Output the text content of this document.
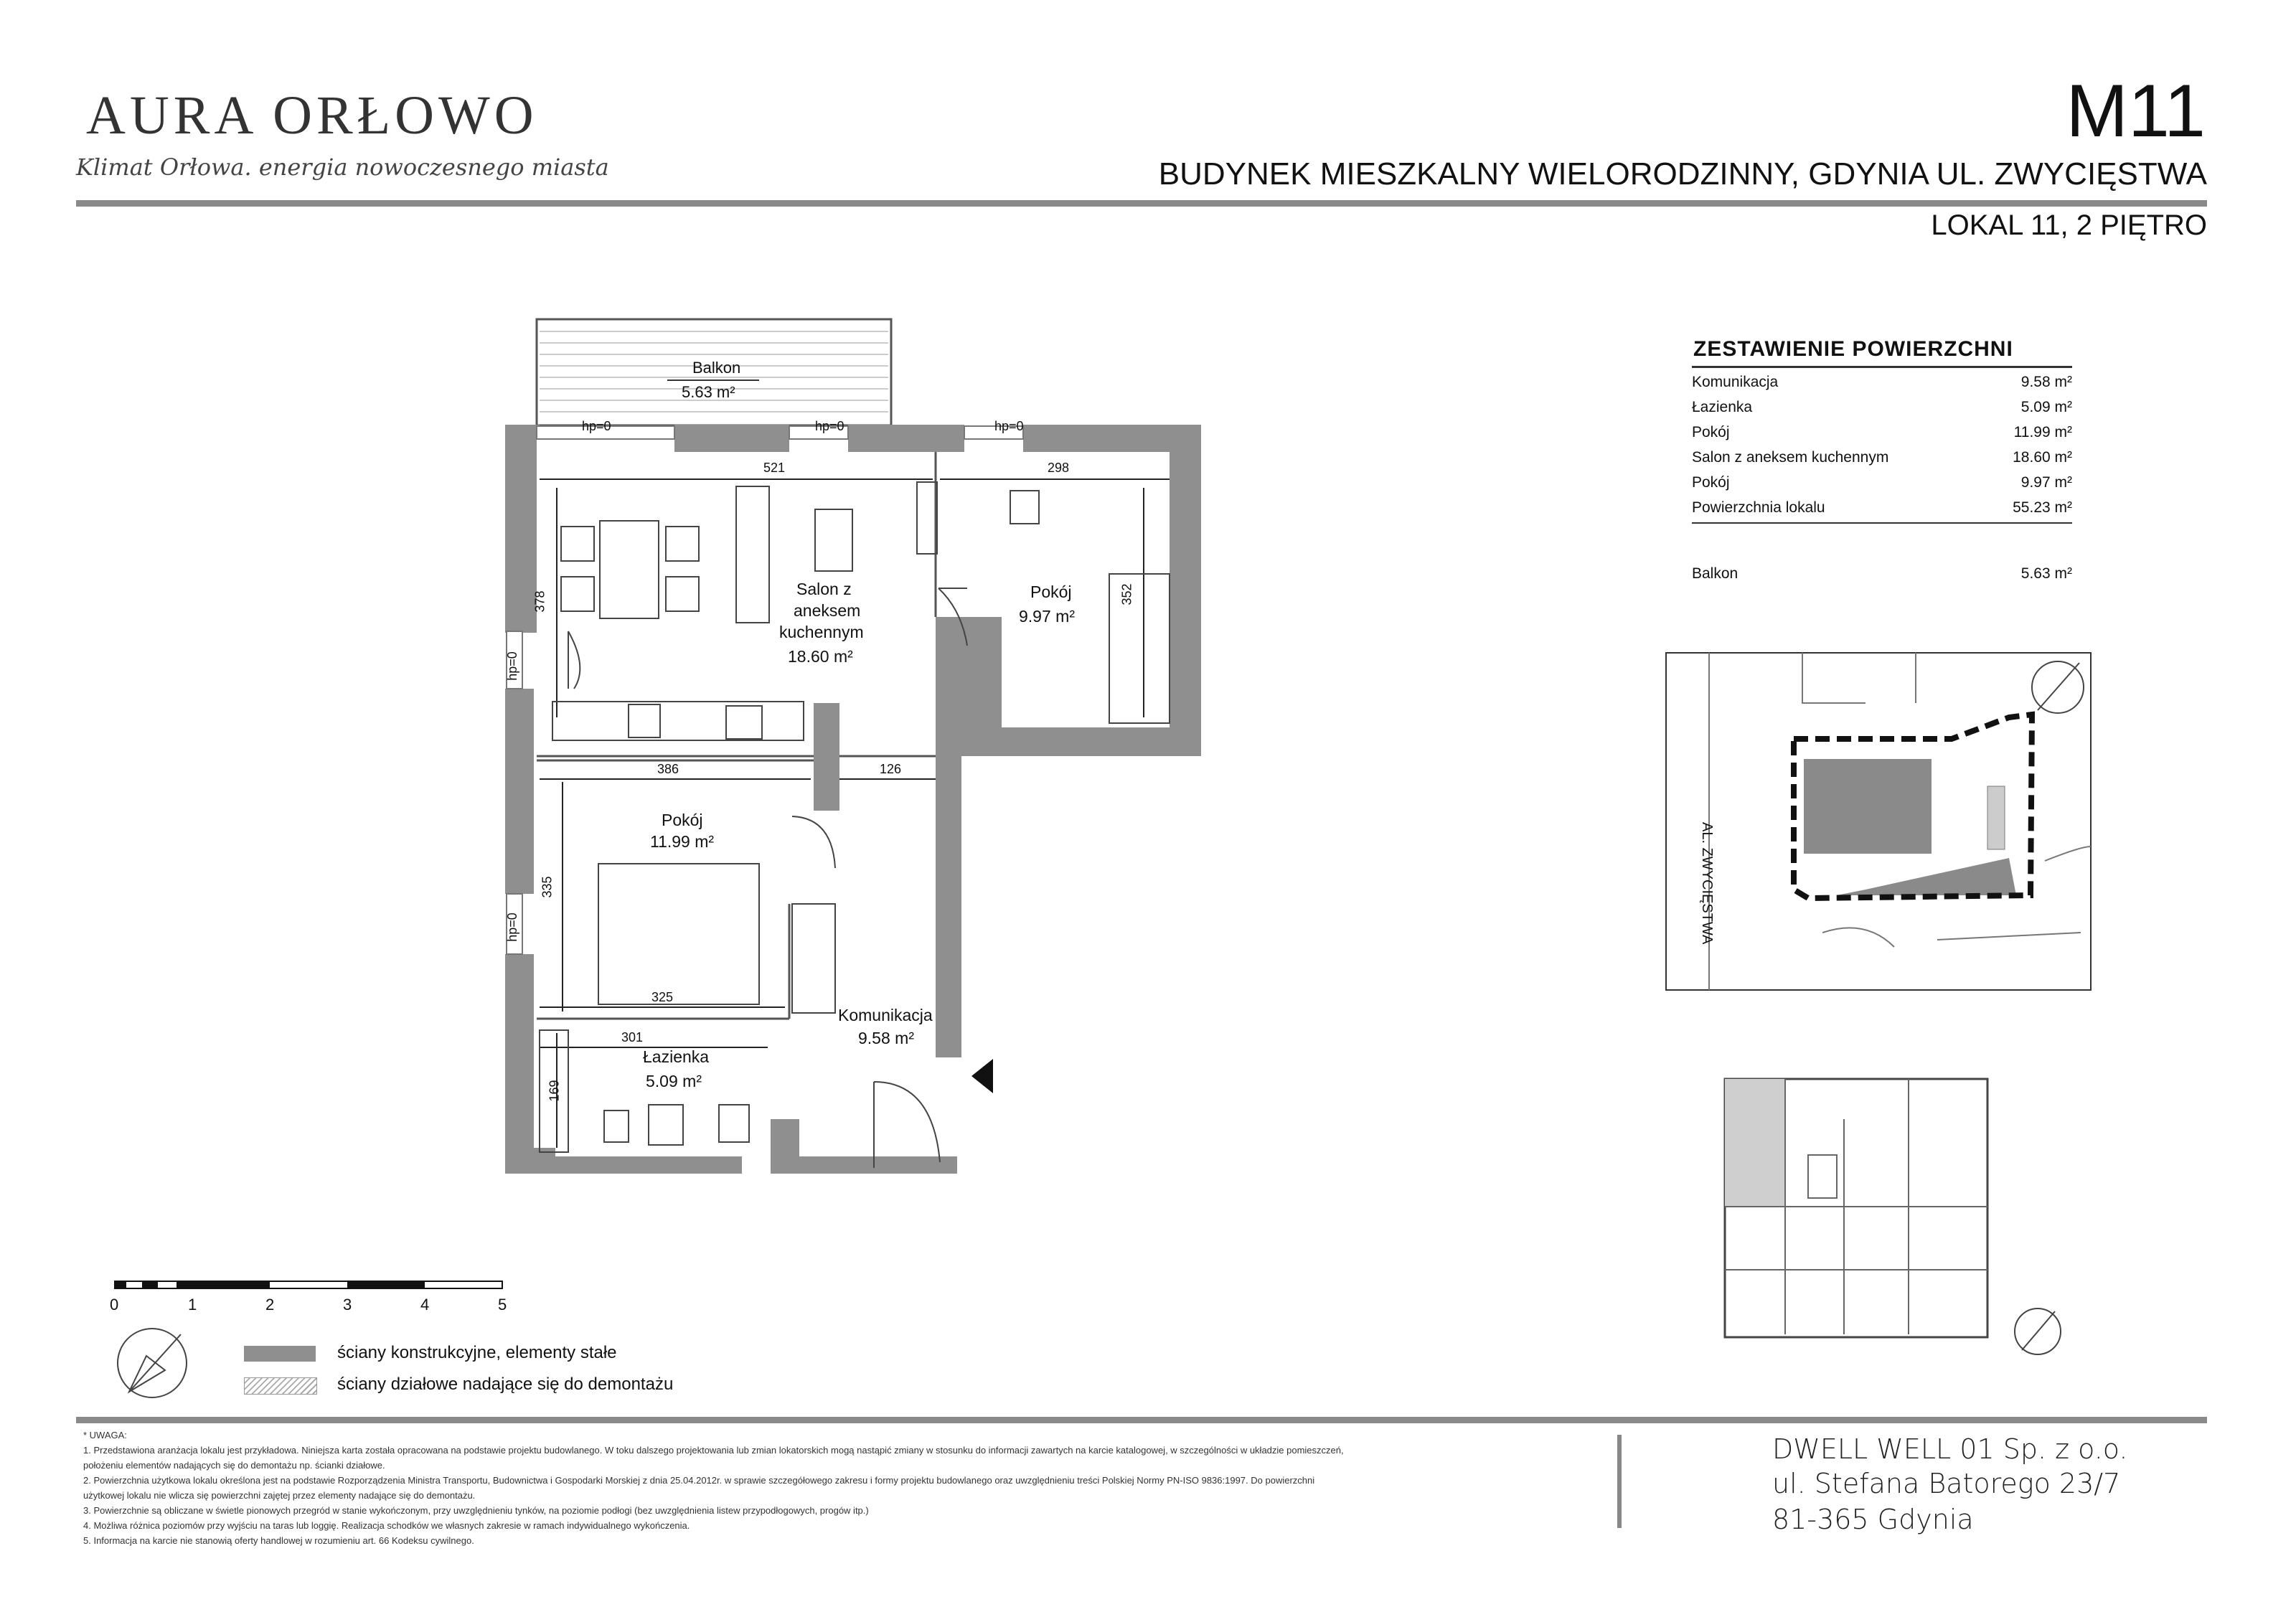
AURA ORŁOWO
Klimat Orłowa. energia nowoczesnego miasta
M11
BUDYNEK MIESZKALNY WIELORODZINNY, GDYNIA UL. ZWYCIĘSTWA
LOKAL 11, 2 PIĘTRO
Balkon
5.63 m²
hp=0	hp=0	hp=0
hp=0
hp=0
521	298
378	352
386	126
335
325
301
169
Salon z
aneksem
kuchennym
18.60 m²
Pokój
9.97 m²
Pokój
11.99 m²
Komunikacja
9.58 m²
Łazienka
5.09 m²
AL. ZWYCIĘSTWA
ZESTAWIENIE POWIERZCHNI
Komunikacja	9.58 m²
Łazienka	5.09 m²
Pokój	11.99 m²
Salon z aneksem kuchennym	18.60 m²
Pokój	9.97 m²
Powierzchnia lokalu	55.23 m²
Balkon	5.63 m²
0	1	2	3	4	5
ściany konstrukcyjne, elementy stałe
ściany działowe nadające się do demontażu
* UWAGA:
1. Przedstawiona aranżacja lokalu jest przykładowa. Niniejsza karta została opracowana na podstawie projektu budowlanego. W toku dalszego projektowania lub zmian lokatorskich mogą nastąpić zmiany w stosunku do informacji zawartych na karcie katalogowej, w szczególności w układzie pomieszczeń,
położeniu elementów nadających się do demontażu np. ścianki działowe.
2. Powierzchnia użytkowa lokalu określona jest na podstawie Rozporządzenia Ministra Transportu, Budownictwa i Gospodarki Morskiej z dnia 25.04.2012r. w sprawie szczegółowego zakresu i formy projektu budowlanego oraz uwzględnieniu treści Polskiej Normy PN-ISO 9836:1997. Do powierzchni
użytkowej lokalu nie wlicza się powierzchni zajętej przez elementy nadające się do demontażu.
3. Powierzchnie są obliczane w świetle pionowych przegród w stanie wykończonym, przy uwzględnieniu tynków, na poziomie podłogi (bez uwzględnienia listew przypodłogowych, progów itp.)
4. Możliwa różnica poziomów przy wyjściu na taras lub loggię. Realizacja schodków we własnych zakresie w ramach indywidualnego wykończenia.
5. Informacja na karcie nie stanowią oferty handlowej w rozumieniu art. 66 Kodeksu cywilnego.
DWELL WELL 01 Sp. z o.o.
ul. Stefana Batorego 23/7
81-365 Gdynia
